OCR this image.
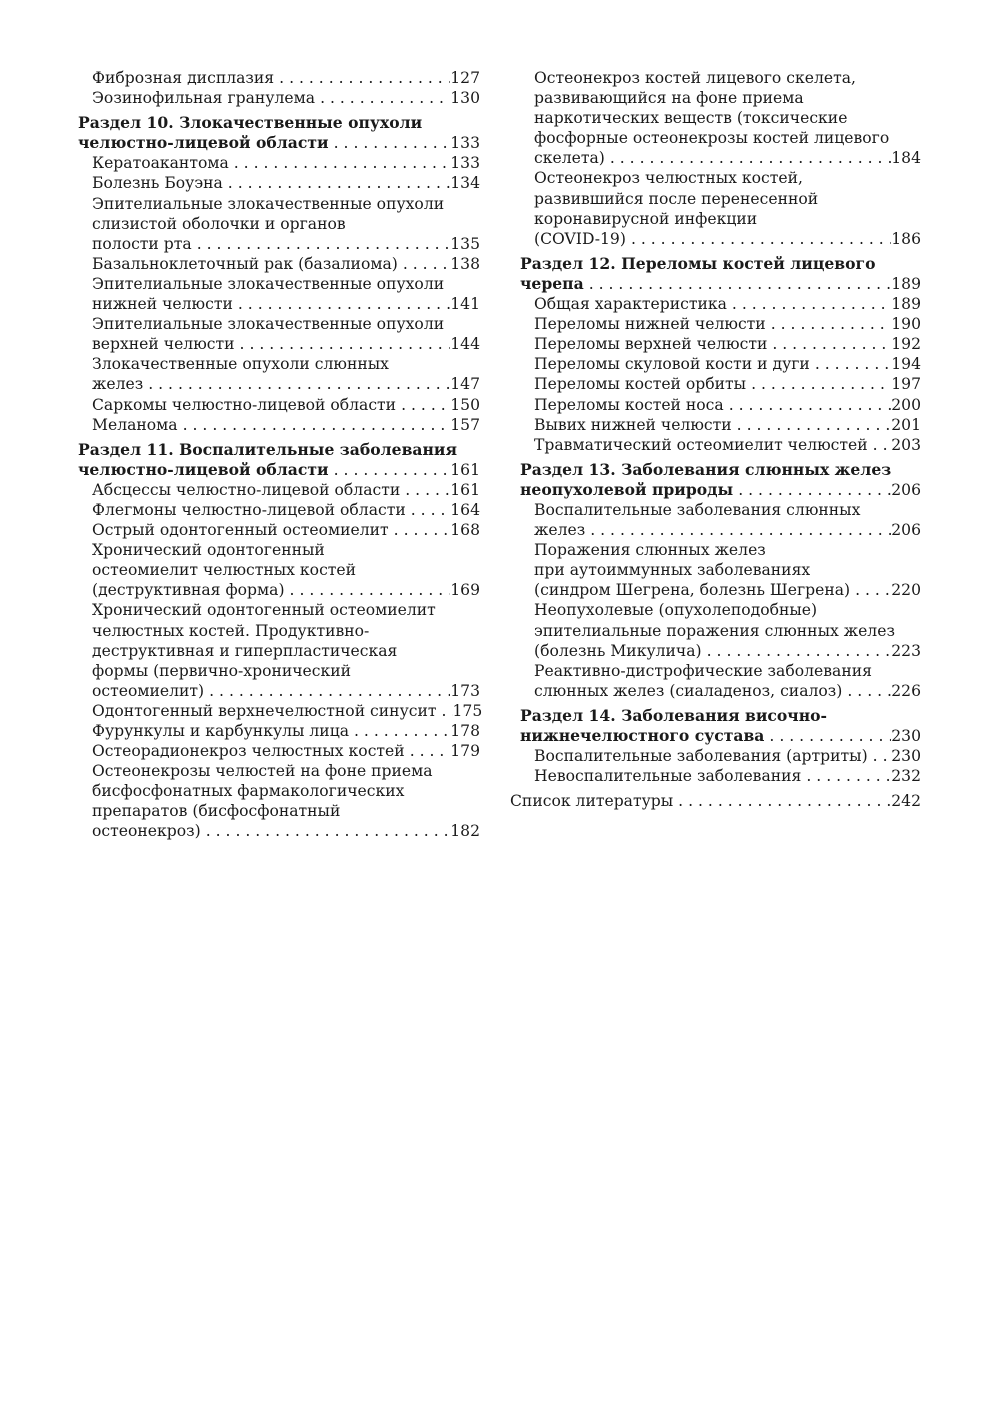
Фиброзная дисплазия . . .	127
Эозинофильная гранулема . . .	130
Раздел 10. Злокачественные опухоли
челюстно-лицевой области . . .	133
Кератоакантома . . .	133
Болезнь Боуэна . . .	134
Эпителиальные злокачественные опухоли
слизистой оболочки и органов
полости рта . . .	135
Базальноклеточный рак (базалиома) . . .	138
Эпителиальные злокачественные опухоли
нижней челюсти . . .	141
Эпителиальные злокачественные опухоли
верхней челюсти . . .	144
Злокачественные опухоли слюнных
желез . . .	147
Саркомы челюстно-лицевой области . . .	150
Меланома . . .	157
Раздел 11. Воспалительные заболевания
челюстно-лицевой области . . .	161
Абсцессы челюстно-лицевой области . . .	161
Флегмоны челюстно-лицевой области . . .	164
Острый одонтогенный остеомиелит . . .	168
Хронический одонтогенный
остеомиелит челюстных костей
(деструктивная форма) . . .	169
Хронический одонтогенный остеомиелит
челюстных костей. Продуктивно-
деструктивная и гиперпластическая
формы (первично-хронический
остеомиелит) . . .	173
Одонтогенный верхнечелюстной синусит . . . 175
Фурункулы и карбункулы лица . . .	178
Остеорадионекроз челюстных костей . . .	179
Остеонекрозы челюстей на фоне приема
бисфосфонатных фармакологических
препаратов (бисфосфонатный
остеонекроз) . . .	182
Остеонекроз костей лицевого скелета,
развивающийся на фоне приема
наркотических веществ (токсические
фосфорные остеонекрозы костей лицевого
скелета) . . .	184
Остеонекроз челюстных костей,
развившийся после перенесенной
коронавирусной инфекции
(COVID-19) . . .	186
Раздел 12. Переломы костей лицевого
черепа . . .	189
Общая характеристика . . .	189
Переломы нижней челюсти . . .	190
Переломы верхней челюсти . . .	192
Переломы скуловой кости и дуги . . .	194
Переломы костей орбиты . . .	197
Переломы костей носа . . .	200
Вывих нижней челюсти . . .	201
Травматический остеомиелит челюстей . . . 203
Раздел 13. Заболевания слюнных желез
неопухолевой природы . . .	206
Воспалительные заболевания слюнных
желез . . .	206
Поражения слюнных желез
при аутоиммунных заболеваниях
(синдром Шегрена, болезнь Шегрена) . . .	220
Неопухолевые (опухолеподобные)
эпителиальные поражения слюнных желез
(болезнь Микулича) . . .	223
Реактивно-дистрофические заболевания
слюнных желез (сиаладеноз, сиалоз) . . .	226
Раздел 14. Заболевания височно-
нижнечелюстного сустава . . .	230
Воспалительные заболевания (артриты) . . . 230
Невоспалительные заболевания . . .	232
Список литературы . . .	242
